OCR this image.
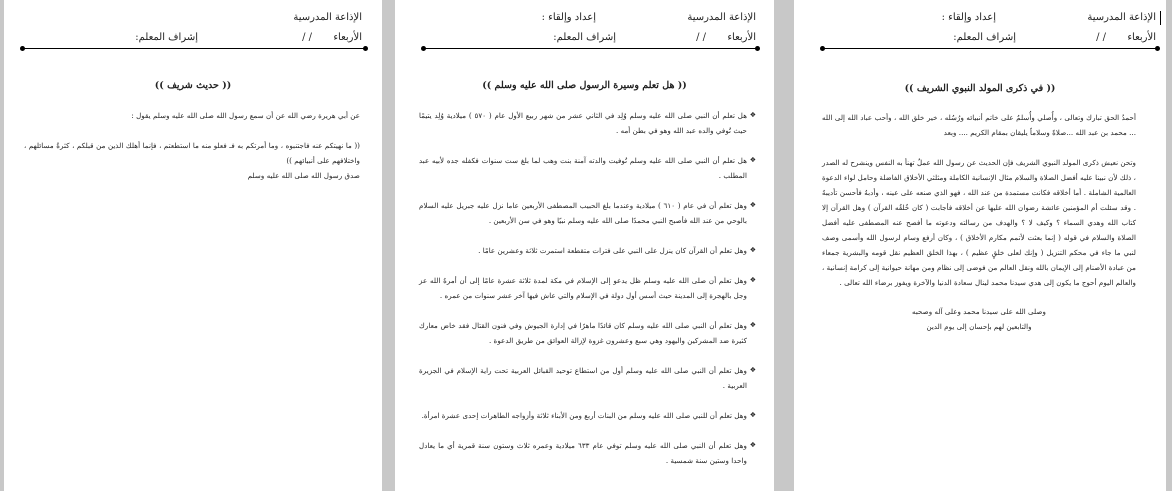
الإذاعة المدرسية
إعداد وإلقاء :
الأربعاء
/ /
إشراف المعلم:
(( في ذكرى المولد النبوي الشريف ))

أحمدُ الحق تبارك وتعالى ، وأُصلي وأُسلمُ على خاتم أنبيائه ورُسُله ، خير خلق الله ، وأحب عباد الله إلى الله ... محمد بن عبد الله ...صلاةً وسلاماً يليقان بمقام الكريم .... وبعد

وتحن نعيش ذكرى المولد النبوي الشريف فإن الحديث عن رسول الله عملٌ تهنأ به النفس وينشرح له الصدر ، ذلك لأن نبينا عليه أفضل الصلاة والسلام مثال الإنسانية الكاملة ومثلثي الأخلاق الفاضلة وحامل لواء الدعوة العالمية الشاملة . أما أخلاقه فكانت مستمدة من عند الله ، فهو الذي صنعه على عينه ، وأدبهُ فأحسن تأديبهُ . وقد سئلت أم المؤمنين عائشة رضوان الله عليها عن أخلاقه فأجابت ( كان خُلقُه القرآن ) وهل القرآن إلا كتاب الله وهدي السماء ؟ وكيف لا ؟ والهدف من رسالته ودعوته ما أفصح عنه المصطفى عليه أفضل الصلاة والسلام في قوله ( إنما بعثت لأتمم مكارم الأخلاق ) ، وكان أرفع وسام لرسول الله وأسمى وصف لنبي ما جاء في محكم التنزيل ( وإنك لعلى خلقٍ عظيم ) ، بهذا الخلق العظيم نقل قومه والبشرية جمعاء من عبادة الأصنام إلى الإيمان بالله ونقل العالم من فوضى إلى نظام ومن مهانة حيوانية إلى كرامة إنسانية ، والعالم اليوم أحوج ما يكون إلى هدي سيدنا محمد لينال سعادة الدنيا والآخرة ويفوز برضاء الله تعالى .

وصلى الله على سيدنا محمد وعلى آله وصحبه

والتابعين لهم بإحسان إلى يوم الدين

الإذاعة المدرسية
إعداد وإلقاء :
الأربعاء
/ /
إشراف المعلم:
(( هل تعلم وسيرة الرسول صلى الله عليه وسلم ))
❖
هل تعلم أن النبي صلى الله عليه وسلم وُلِد في الثاني عشر من شهر ربيع الأول عام ( ٥٧٠ ) ميلادية وُلِد يتيمًا حيث تُوفي والده عبد الله وهو في بطن أمه .
❖
هل تعلم أن النبي صلى الله عليه وسلم تُوفيت والدته آمنة بنت وهب لما بلغ ست سنوات فكفله جده لأبيه عبد المطلب .
❖
وهل تعلم أن في عام ( ٦١٠ ) ميلادية وعندما بلغ الحبيب المصطفى الأربعين عاما نزل عليه جبريل عليه السلام بالوحي من عند الله فأصبح النبي محمدًا صلى الله عليه وسلم نبيًا وهو في سن الأربعين .
❖
وهل تعلم أن القرآن كان ينزل على النبي على فترات متقطعة استمرت ثلاثة وعشرين عامًا .
❖
وهل تعلم أن صلى الله عليه وسلم ظل يدعو إلى الإسلام في مكة لمدة ثلاثة عشرة عامًا إلى أن أمرهُ الله عز وجل بالهجرة إلى المدينة حيث أسس أول دولة في الإسلام والتي عاش فيها آخر عشر سنوات من عمره .
❖
وهل تعلم أن النبي صلى الله عليه وسلم كان قائدًا ماهرًا في إدارة الجيوش وفي فنون القتال فقد خاض معارك كثيرة ضد المشركين واليهود وهي سبع وعشرون غزوة لإزالة العوائق من طريق الدعوة .
❖
وهل تعلم أن النبي صلى الله عليه وسلم أول من استطاع توحيد القبائل العربية تحت راية الإسلام في الجزيرة العربية .
❖
وهل تعلم أن للنبي صلى الله عليه وسلم من البنات أربع ومن الأبناء ثلاثة وأزواجه الطاهرات إحدى عشرة امرأة.
❖
وهل تعلم أن النبي صلى الله عليه وسلم توفي عام ٦٣٣ ميلادية وعمره ثلاث وستون سنة قمرية أي ما يعادل واحدا وستين سنة شمسية .
الإذاعة المدرسية
الأربعاء
/ /
إشراف المعلم:
(( حديث شريف ))

عن أبي هريرة رضي الله عن أن سمع رسول الله صلى الله عليه وسلم يقول :

(( ما نهيتكم عنه فاجتنبوه ، وما أمرتكم به فـ فعلو منه ما استطعتم ، فإنما أهلك الذين من قبلكم ، كثرةُ مسائلهم ، واختلافهم على أنبيائهم ))

صدق رسول الله صلى الله عليه وسلم
